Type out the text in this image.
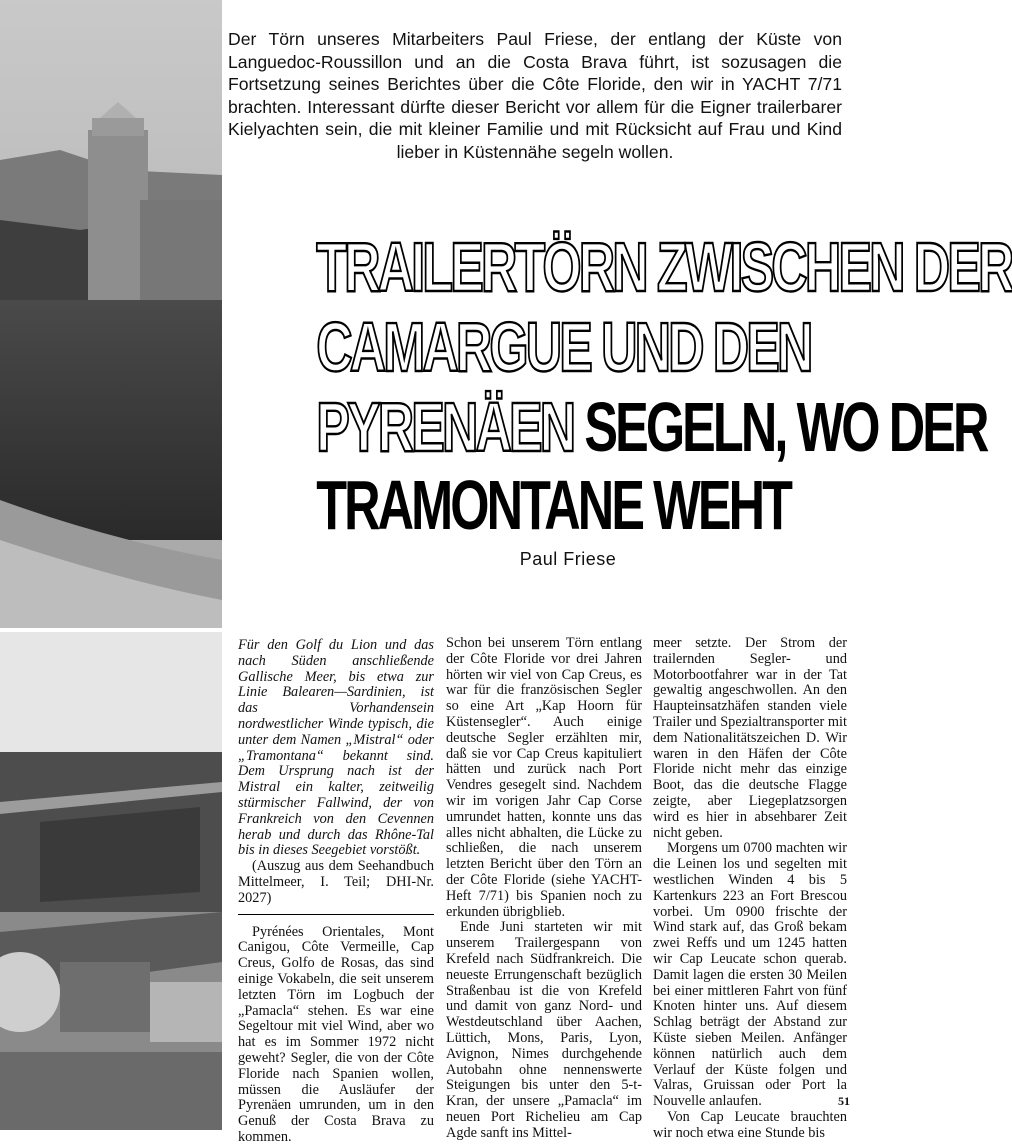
Der Törn unseres Mitarbeiters Paul Friese, der entlang der Küste von Languedoc-Roussillon und an die Costa Brava führt, ist sozusagen die Fortsetzung seines Berichtes über die Côte Floride, den wir in YACHT 7/71 brachten. Interessant dürfte dieser Bericht vor allem für die Eigner trailerbarer Kielyachten sein, die mit kleiner Familie und mit Rücksicht auf Frau und Kind lieber in Küstennähe segeln wollen.
TRAILERTÖRN ZWISCHEN DER
CAMARGUE UND DEN
PYRENÄEN SEGELN, WO DER
TRAMONTANE WEHT
Paul Friese

Für den Golf du Lion und das nach Süden anschließende Gallische Meer, bis etwa zur Linie Balearen—Sardinien, ist das Vorhandensein nordwestlicher Winde typisch, die unter dem Namen „Mistral“ oder „Tramontana“ bekannt sind. Dem Ursprung nach ist der Mistral ein kalter, zeitweilig stürmischer Fallwind, der von Frankreich von den Cevennen herab und durch das Rhône-Tal bis in dieses Seegebiet vorstößt.

(Auszug aus dem Seehandbuch Mittelmeer, I. Teil; DHI-Nr. 2027)

Pyrénées Orientales, Mont Canigou, Côte Vermeille, Cap Creus, Golfo de Rosas, das sind einige Vokabeln, die seit unserem letzten Törn im Logbuch der „Pamacla“ stehen. Es war eine Segeltour mit viel Wind, aber wo hat es im Sommer 1972 nicht geweht? Segler, die von der Côte Floride nach Spanien wollen, müssen die Ausläufer der Pyrenäen umrunden, um in den Genuß der Costa Brava zu kommen.

Schon bei unserem Törn entlang der Côte Floride vor drei Jahren hörten wir viel von Cap Creus, es war für die französischen Segler so eine Art „Kap Hoorn für Küstensegler“. Auch einige deutsche Segler erzählten mir, daß sie vor Cap Creus kapituliert hätten und zurück nach Port Vendres gesegelt sind. Nachdem wir im vorigen Jahr Cap Corse umrundet hatten, konnte uns das alles nicht abhalten, die Lücke zu schließen, die nach unserem letzten Bericht über den Törn an der Côte Floride (siehe YACHT-Heft 7/71) bis Spanien noch zu erkunden übrigblieb.

Ende Juni starteten wir mit unserem Trailergespann von Krefeld nach Südfrankreich. Die neueste Errungenschaft bezüglich Straßenbau ist die von Krefeld und damit von ganz Nord- und Westdeutschland über Aachen, Lüttich, Mons, Paris, Lyon, Avignon, Nimes durchgehende Autobahn ohne nennenswerte Steigungen bis unter den 5-t-Kran, der unsere „Pamacla“ im neuen Port Richelieu am Cap Agde sanft ins Mittel-

meer setzte. Der Strom der trailernden Segler- und Motorbootfahrer war in der Tat gewaltig angeschwollen. An den Haupteinsatzhäfen standen viele Trailer und Spezialtransporter mit dem Nationalitätszeichen D. Wir waren in den Häfen der Côte Floride nicht mehr das einzige Boot, das die deutsche Flagge zeigte, aber Liegeplatzsorgen wird es hier in absehbarer Zeit nicht geben.

Morgens um 0700 machten wir die Leinen los und segelten mit westlichen Winden 4 bis 5 Kartenkurs 223 an Fort Brescou vorbei. Um 0900 frischte der Wind stark auf, das Groß bekam zwei Reffs und um 1245 hatten wir Cap Leucate schon querab. Damit lagen die ersten 30 Meilen bei einer mittleren Fahrt von fünf Knoten hinter uns. Auf diesem Schlag beträgt der Abstand zur Küste sieben Meilen. Anfänger können natürlich auch dem Verlauf der Küste folgen und Valras, Gruissan oder Port la Nouvelle anlaufen.

Von Cap Leucate brauchten wir noch etwa eine Stunde bis

51
